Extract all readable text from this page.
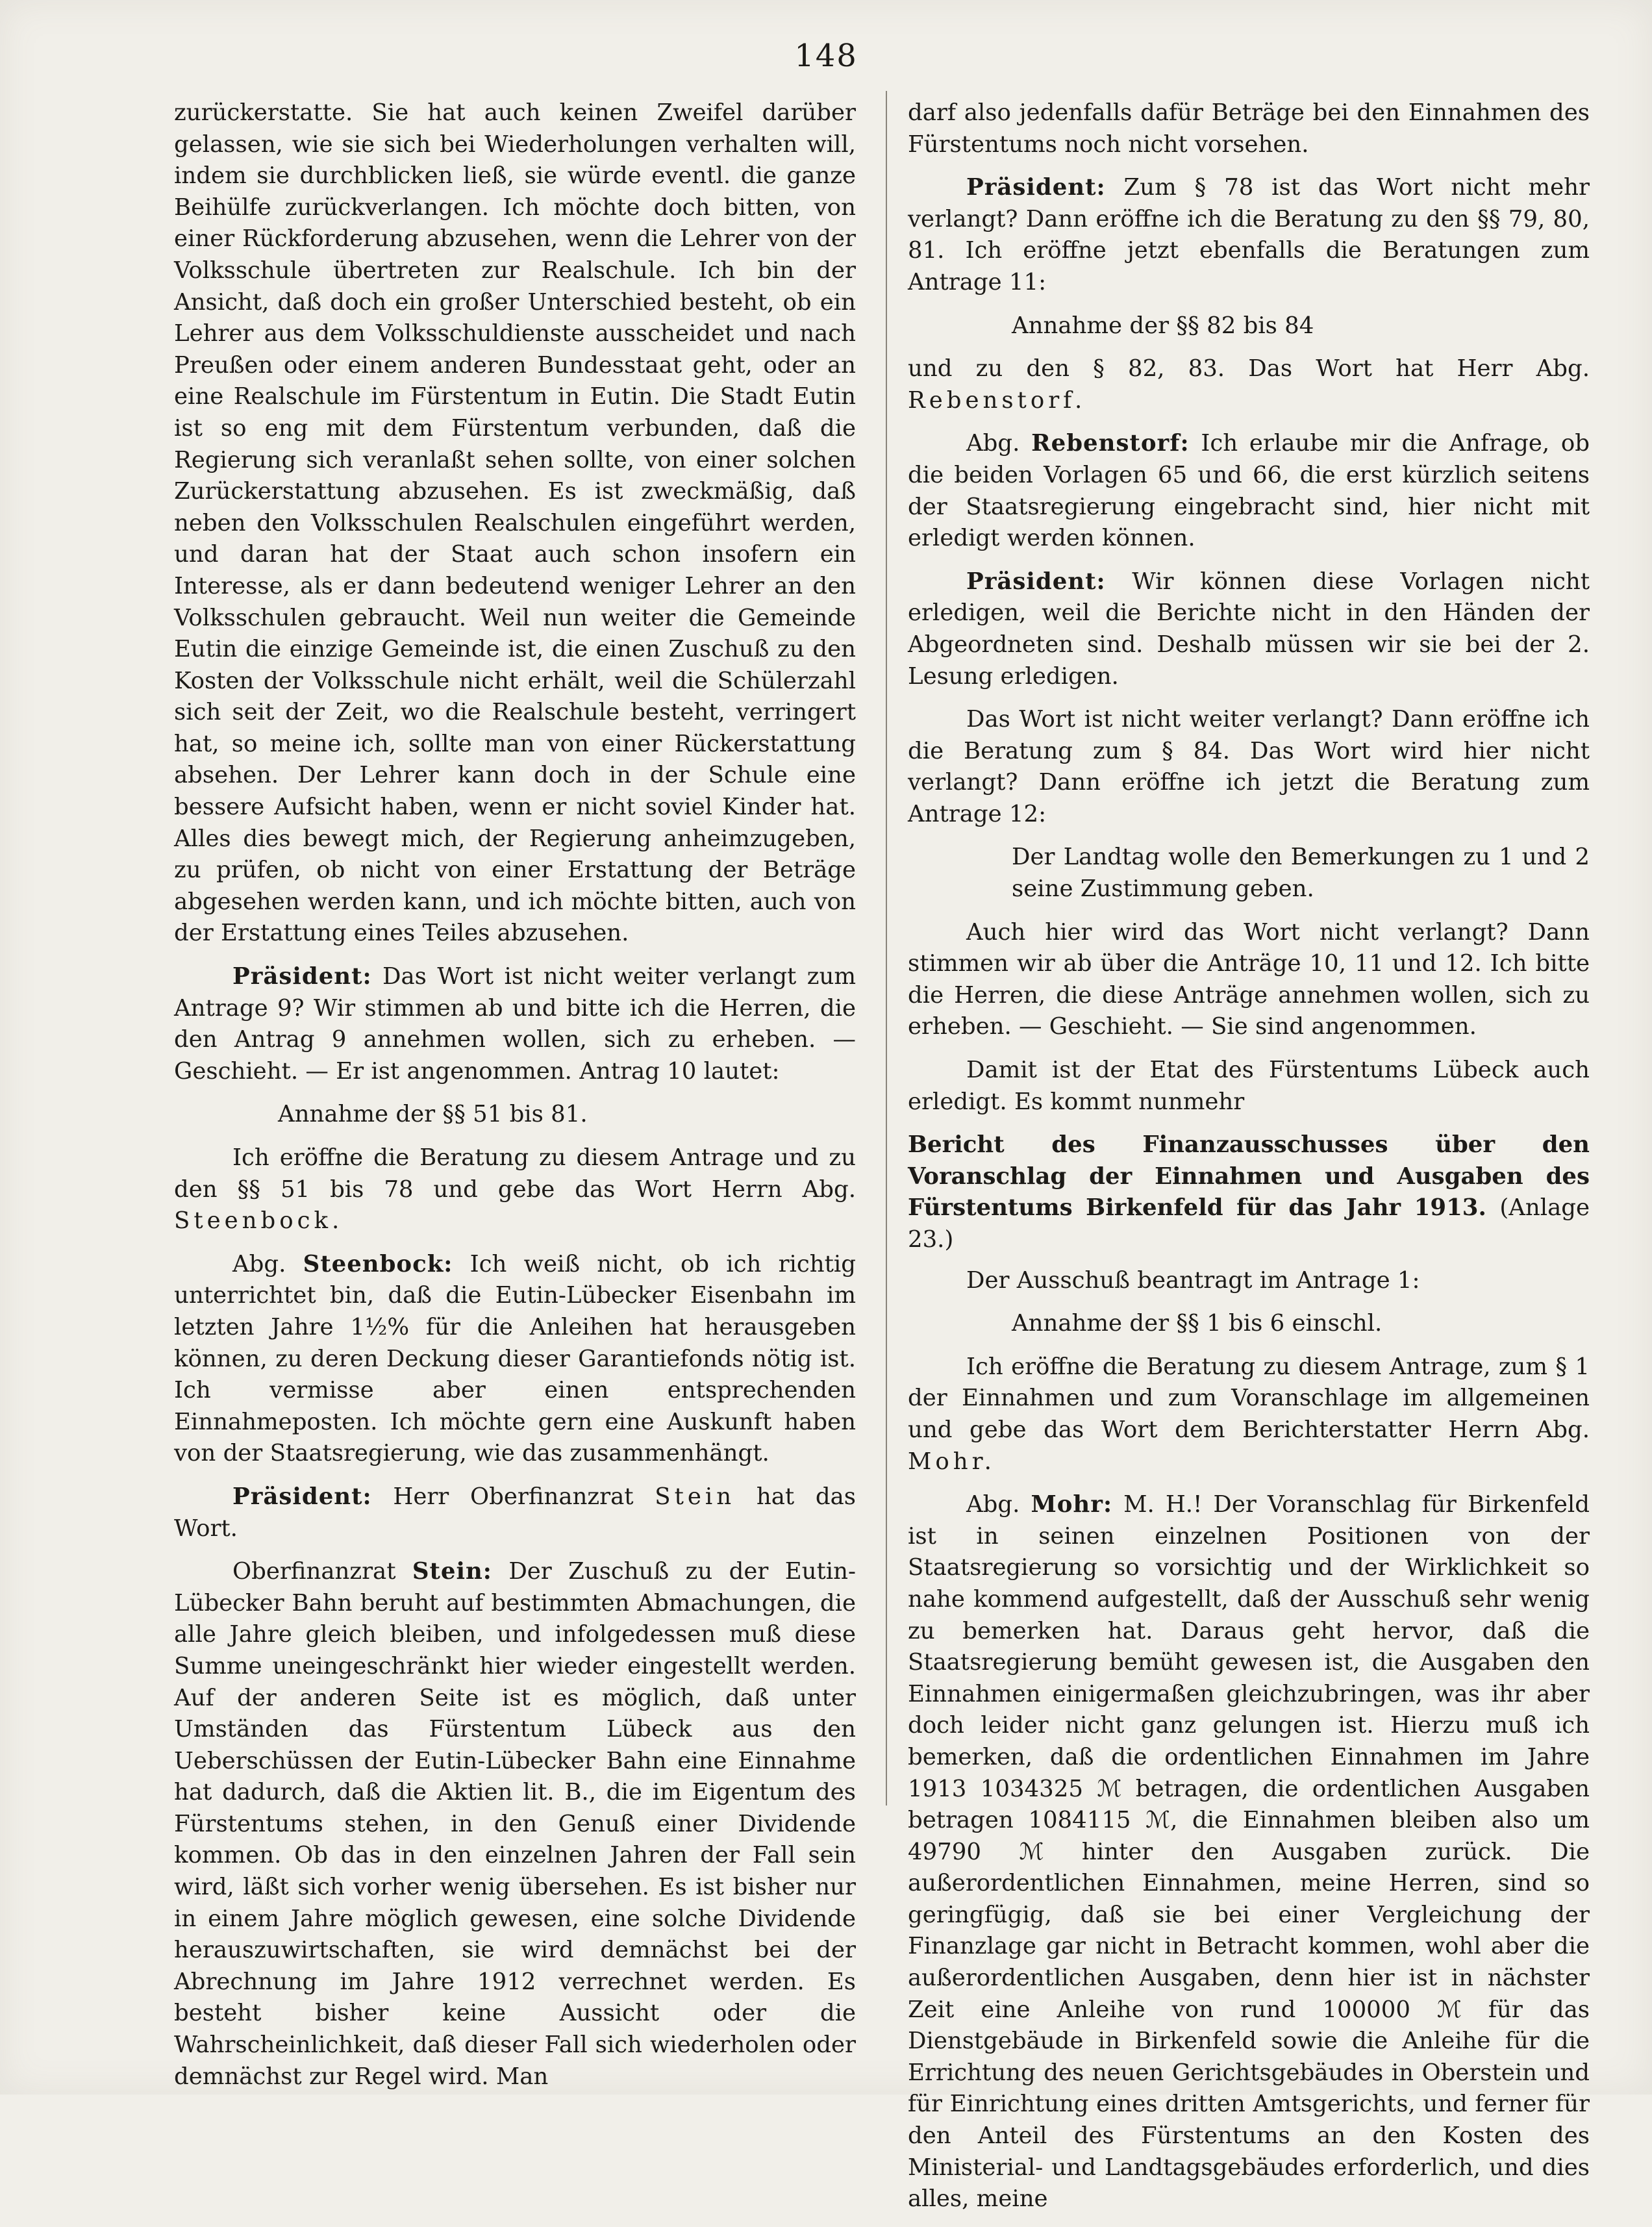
148

zurückerstatte. Sie hat auch keinen Zweifel darüber gelassen, wie sie sich bei Wiederholungen verhalten will, indem sie durchblicken ließ, sie würde eventl. die ganze Beihülfe zurückverlangen. Ich möchte doch bitten, von einer Rückforderung abzusehen, wenn die Lehrer von der Volksschule übertreten zur Realschule. Ich bin der Ansicht, daß doch ein großer Unterschied besteht, ob ein Lehrer aus dem Volksschuldienste ausscheidet und nach Preußen oder einem anderen Bundesstaat geht, oder an eine Realschule im Fürstentum in Eutin. Die Stadt Eutin ist so eng mit dem Fürstentum verbunden, daß die Regierung sich veranlaßt sehen sollte, von einer solchen Zurückerstattung abzusehen. Es ist zweckmäßig, daß neben den Volksschulen Realschulen eingeführt werden, und daran hat der Staat auch schon insofern ein Interesse, als er dann bedeutend weniger Lehrer an den Volksschulen gebraucht. Weil nun weiter die Gemeinde Eutin die einzige Gemeinde ist, die einen Zuschuß zu den Kosten der Volksschule nicht erhält, weil die Schülerzahl sich seit der Zeit, wo die Realschule besteht, verringert hat, so meine ich, sollte man von einer Rückerstattung absehen. Der Lehrer kann doch in der Schule eine bessere Aufsicht haben, wenn er nicht soviel Kinder hat. Alles dies bewegt mich, der Regierung anheimzugeben, zu prüfen, ob nicht von einer Erstattung der Beträge abgesehen werden kann, und ich möchte bitten, auch von der Erstattung eines Teiles abzusehen.

Präsident: Das Wort ist nicht weiter verlangt zum Antrage 9? Wir stimmen ab und bitte ich die Herren, die den Antrag 9 annehmen wollen, sich zu erheben. — Geschieht. — Er ist angenommen. Antrag 10 lautet:

Annahme der §§ 51 bis 81.

Ich eröffne die Beratung zu diesem Antrage und zu den §§ 51 bis 78 und gebe das Wort Herrn Abg. Steenbock.

Abg. Steenbock: Ich weiß nicht, ob ich richtig unterrichtet bin, daß die Eutin-Lübecker Eisenbahn im letzten Jahre 1½% für die Anleihen hat herausgeben können, zu deren Deckung dieser Garantiefonds nötig ist. Ich vermisse aber einen entsprechenden Einnahmeposten. Ich möchte gern eine Auskunft haben von der Staatsregierung, wie das zusammenhängt.

Präsident: Herr Oberfinanzrat Stein hat das Wort.

Oberfinanzrat Stein: Der Zuschuß zu der Eutin-Lübecker Bahn beruht auf bestimmten Abmachungen, die alle Jahre gleich bleiben, und infolgedessen muß diese Summe uneingeschränkt hier wieder eingestellt werden. Auf der anderen Seite ist es möglich, daß unter Umständen das Fürstentum Lübeck aus den Ueberschüssen der Eutin-Lübecker Bahn eine Einnahme hat dadurch, daß die Aktien lit. B., die im Eigentum des Fürstentums stehen, in den Genuß einer Dividende kommen. Ob das in den einzelnen Jahren der Fall sein wird, läßt sich vorher wenig übersehen. Es ist bisher nur in einem Jahre möglich gewesen, eine solche Dividende herauszuwirtschaften, sie wird demnächst bei der Abrechnung im Jahre 1912 verrechnet werden. Es besteht bisher keine Aussicht oder die Wahrscheinlichkeit, daß dieser Fall sich wiederholen oder demnächst zur Regel wird. Man

darf also jedenfalls dafür Beträge bei den Einnahmen des Fürstentums noch nicht vorsehen.

Präsident: Zum § 78 ist das Wort nicht mehr verlangt? Dann eröffne ich die Beratung zu den §§ 79, 80, 81. Ich eröffne jetzt ebenfalls die Beratungen zum Antrage 11:

Annahme der §§ 82 bis 84

und zu den § 82, 83. Das Wort hat Herr Abg. Rebenstorf.

Abg. Rebenstorf: Ich erlaube mir die Anfrage, ob die beiden Vorlagen 65 und 66, die erst kürzlich seitens der Staatsregierung eingebracht sind, hier nicht mit erledigt werden können.

Präsident: Wir können diese Vorlagen nicht erledigen, weil die Berichte nicht in den Händen der Abgeordneten sind. Deshalb müssen wir sie bei der 2. Lesung erledigen.

Das Wort ist nicht weiter verlangt? Dann eröffne ich die Beratung zum § 84. Das Wort wird hier nicht verlangt? Dann eröffne ich jetzt die Beratung zum Antrage 12:

Der Landtag wolle den Bemerkungen zu 1 und 2 seine Zustimmung geben.

Auch hier wird das Wort nicht verlangt? Dann stimmen wir ab über die Anträge 10, 11 und 12. Ich bitte die Herren, die diese Anträge annehmen wollen, sich zu erheben. — Geschieht. — Sie sind angenommen.

Damit ist der Etat des Fürstentums Lübeck auch erledigt. Es kommt nunmehr

Bericht des Finanzausschusses über den Voranschlag der Einnahmen und Ausgaben des Fürstentums Birkenfeld für das Jahr 1913. (Anlage 23.)

Der Ausschuß beantragt im Antrage 1:

Annahme der §§ 1 bis 6 einschl.

Ich eröffne die Beratung zu diesem Antrage, zum § 1 der Einnahmen und zum Voranschlage im allgemeinen und gebe das Wort dem Berichterstatter Herrn Abg. Mohr.

Abg. Mohr: M. H.! Der Voranschlag für Birkenfeld ist in seinen einzelnen Positionen von der Staatsregierung so vorsichtig und der Wirklichkeit so nahe kommend aufgestellt, daß der Ausschuß sehr wenig zu bemerken hat. Daraus geht hervor, daß die Staatsregierung bemüht gewesen ist, die Ausgaben den Einnahmen einigermaßen gleichzubringen, was ihr aber doch leider nicht ganz gelungen ist. Hierzu muß ich bemerken, daß die ordentlichen Einnahmen im Jahre 1913 1034325 ℳ betragen, die ordentlichen Ausgaben betragen 1084115 ℳ, die Einnahmen bleiben also um 49790 ℳ hinter den Ausgaben zurück. Die außerordentlichen Einnahmen, meine Herren, sind so geringfügig, daß sie bei einer Vergleichung der Finanzlage gar nicht in Betracht kommen, wohl aber die außerordentlichen Ausgaben, denn hier ist in nächster Zeit eine Anleihe von rund 100000 ℳ für das Dienstgebäude in Birkenfeld sowie die Anleihe für die Errichtung des neuen Gerichtsgebäudes in Oberstein und für Einrichtung eines dritten Amtsgerichts, und ferner für den Anteil des Fürstentums an den Kosten des Ministerial- und Landtagsgebäudes erforderlich, und dies alles, meine
